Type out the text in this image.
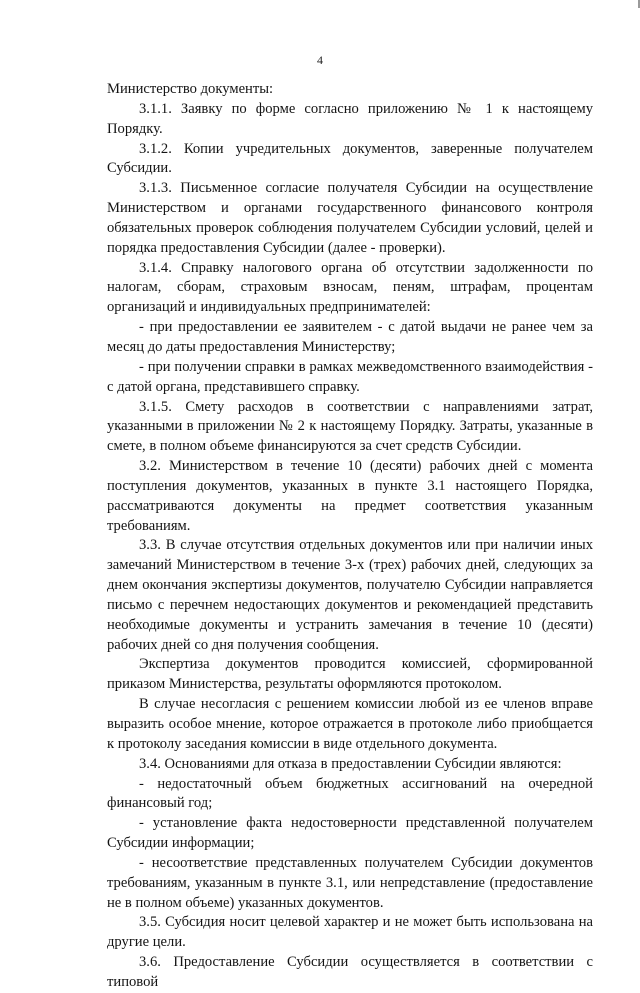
4

Министерство документы:

3.1.1. Заявку по форме согласно приложению № 1 к настоящему Порядку.

3.1.2. Копии учредительных документов, заверенные получателем Субсидии.

3.1.3. Письменное согласие получателя Субсидии на осуществление Министерством и органами государственного финансового контроля обязательных проверок соблюдения получателем Субсидии условий, целей и порядка предоставления Субсидии (далее - проверки).

3.1.4. Справку налогового органа об отсутствии задолженности по налогам, сборам, страховым взносам, пеням, штрафам, процентам организаций и индивидуальных предпринимателей:

- при предоставлении ее заявителем - с датой выдачи не ранее чем за месяц до даты предоставления Министерству;

- при получении справки в рамках межведомственного взаимодействия - с датой органа, представившего справку.

3.1.5. Смету расходов в соответствии с направлениями затрат, указанными в приложении № 2 к настоящему Порядку. Затраты, указанные в смете, в полном объеме финансируются за счет средств Субсидии.

3.2. Министерством в течение 10 (десяти) рабочих дней с момента поступления документов, указанных в пункте 3.1 настоящего Порядка, рассматриваются документы на предмет соответствия указанным требованиям.

3.3. В случае отсутствия отдельных документов или при наличии иных замечаний Министерством в течение 3-х (трех) рабочих дней, следующих за днем окончания экспертизы документов, получателю Субсидии направляется письмо с перечнем недостающих документов и рекомендацией представить необходимые документы и устранить замечания в течение 10 (десяти) рабочих дней со дня получения сообщения.

Экспертиза документов проводится комиссией, сформированной приказом Министерства, результаты оформляются протоколом.

В случае несогласия с решением комиссии любой из ее членов вправе выразить особое мнение, которое отражается в протоколе либо приобщается к протоколу заседания комиссии в виде отдельного документа.

3.4. Основаниями для отказа в предоставлении Субсидии являются:

- недостаточный объем бюджетных ассигнований на очередной финансовый год;

- установление факта недостоверности представленной получателем Субсидии информации;

- несоответствие представленных получателем Субсидии документов требованиям, указанным в пункте 3.1, или непредставление (предоставление не в полном объеме) указанных документов.

3.5. Субсидия носит целевой характер и не может быть использована на другие цели.

3.6. Предоставление Субсидии осуществляется в соответствии с типовой
